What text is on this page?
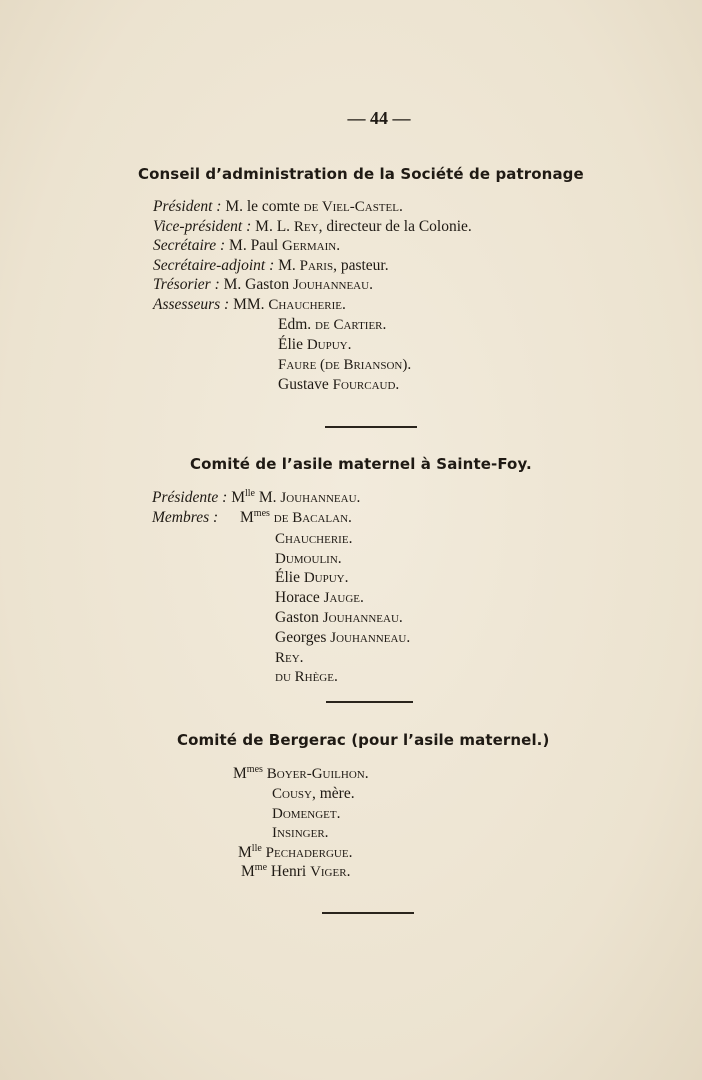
— 44 —
Conseil d’administration de la Société de patronage
Président : M. le comte de Viel-Castel.
Vice-président : M. L. Rey, directeur de la Colonie.
Secrétaire : M. Paul Germain.
Secrétaire-adjoint : M. Paris, pasteur.
Trésorier : M. Gaston Jouhanneau.
Assesseurs : MM. Chaucherie.
Edm. de Cartier.
Élie Dupuy.
Faure (de Brianson).
Gustave Fourcaud.
Comité de l’asile maternel à Sainte-Foy.
Présidente : $M^{lle}$ M. Jouhanneau.
Membres : $M^{mes}$ de Bacalan.
Chaucherie.
Dumoulin.
Élie Dupuy.
Horace Jauge.
Gaston Jouhanneau.
Georges Jouhanneau.
Rey.
du Rhège.
Comité de Bergerac (pour l’asile maternel.)
$M^{mes}$ Boyer-Guilhon.
Cousy, mère.
Domenget.
Insinger.
$M^{lle}$ Pechadergue.
$M^{me}$ Henri Viger.
